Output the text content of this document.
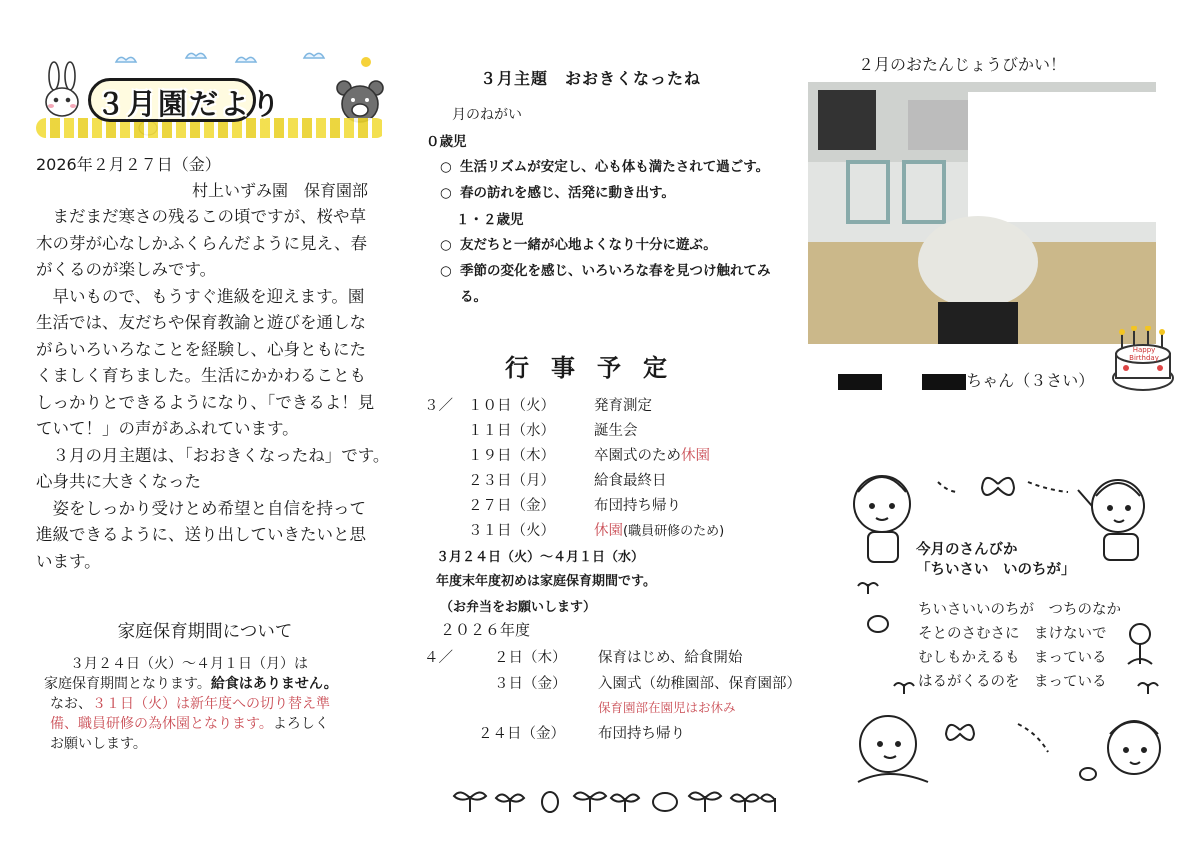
３月園だより
2026年２月２７日（金）
村上いずみ園　保育園部
　まだまだ寒さの残るこの頃ですが、桜や草
木の芽が心なしかふくらんだように見え、春
がくるのが楽しみです。
　早いもので、もうすぐ進級を迎えます。園
生活では、友だちや保育教諭と遊びを通しな
がらいろいろなことを経験し、心身ともにた
くましく育ちました。生活にかかわることも
しっかりとできるようになり、「できるよ！見
ていて！」の声があふれています。
　３月の月主題は、「おおきくなったね」です。
心身共に大きくなった
　姿をしっかり受けとめ希望と自信を持って
進級できるように、送り出していきたいと思
います。
家庭保育期間について
３月２４日（火）～４月１日（月）は
家庭保育期間となります。給食はありません。
なお、３１日（火）は新年度への切り替え準
備、職員研修の為休園となります。よろしく
お願いします。
３月主題　おおきくなったね
月のねがい
０歳児
○ 生活リズムが安定し、心も体も満たされて過ごす。
○ 春の訪れを感じ、活発に動き出す。
１・２歳児
○ 友だちと一緒が心地よくなり十分に遊ぶ。
○ 季節の変化を感じ、いろいろな春を見つけ触れてみ
る。
行事予定
３／ １０日（火）	発育測定
１１日（水）	誕生会
１９日（木）	卒園式のため休園
２３日（月）	給食最終日
２７日（金）	布団持ち帰り
３１日（火）	休園(職員研修のため)
３月２４日（火）～４月１日（水）
年度末年度初めは家庭保育期間です。
（お弁当をお願いします）
２０２６年度
４／	２日（木） 保育はじめ、給食開始
３日（金） 入園式（幼稚園部、保育園部）
保育園部在園児はお休み
２４日（金） 布団持ち帰り
２月のおたんじょうびかい！
Happy Birthday
ちゃん（３さい）
今月のさんびか
「ちいさい　いのちが」
ちいさいいのちが　つちのなか
そとのさむさに　まけないで
むしもかえるも　まっている
はるがくるのを　まっている
